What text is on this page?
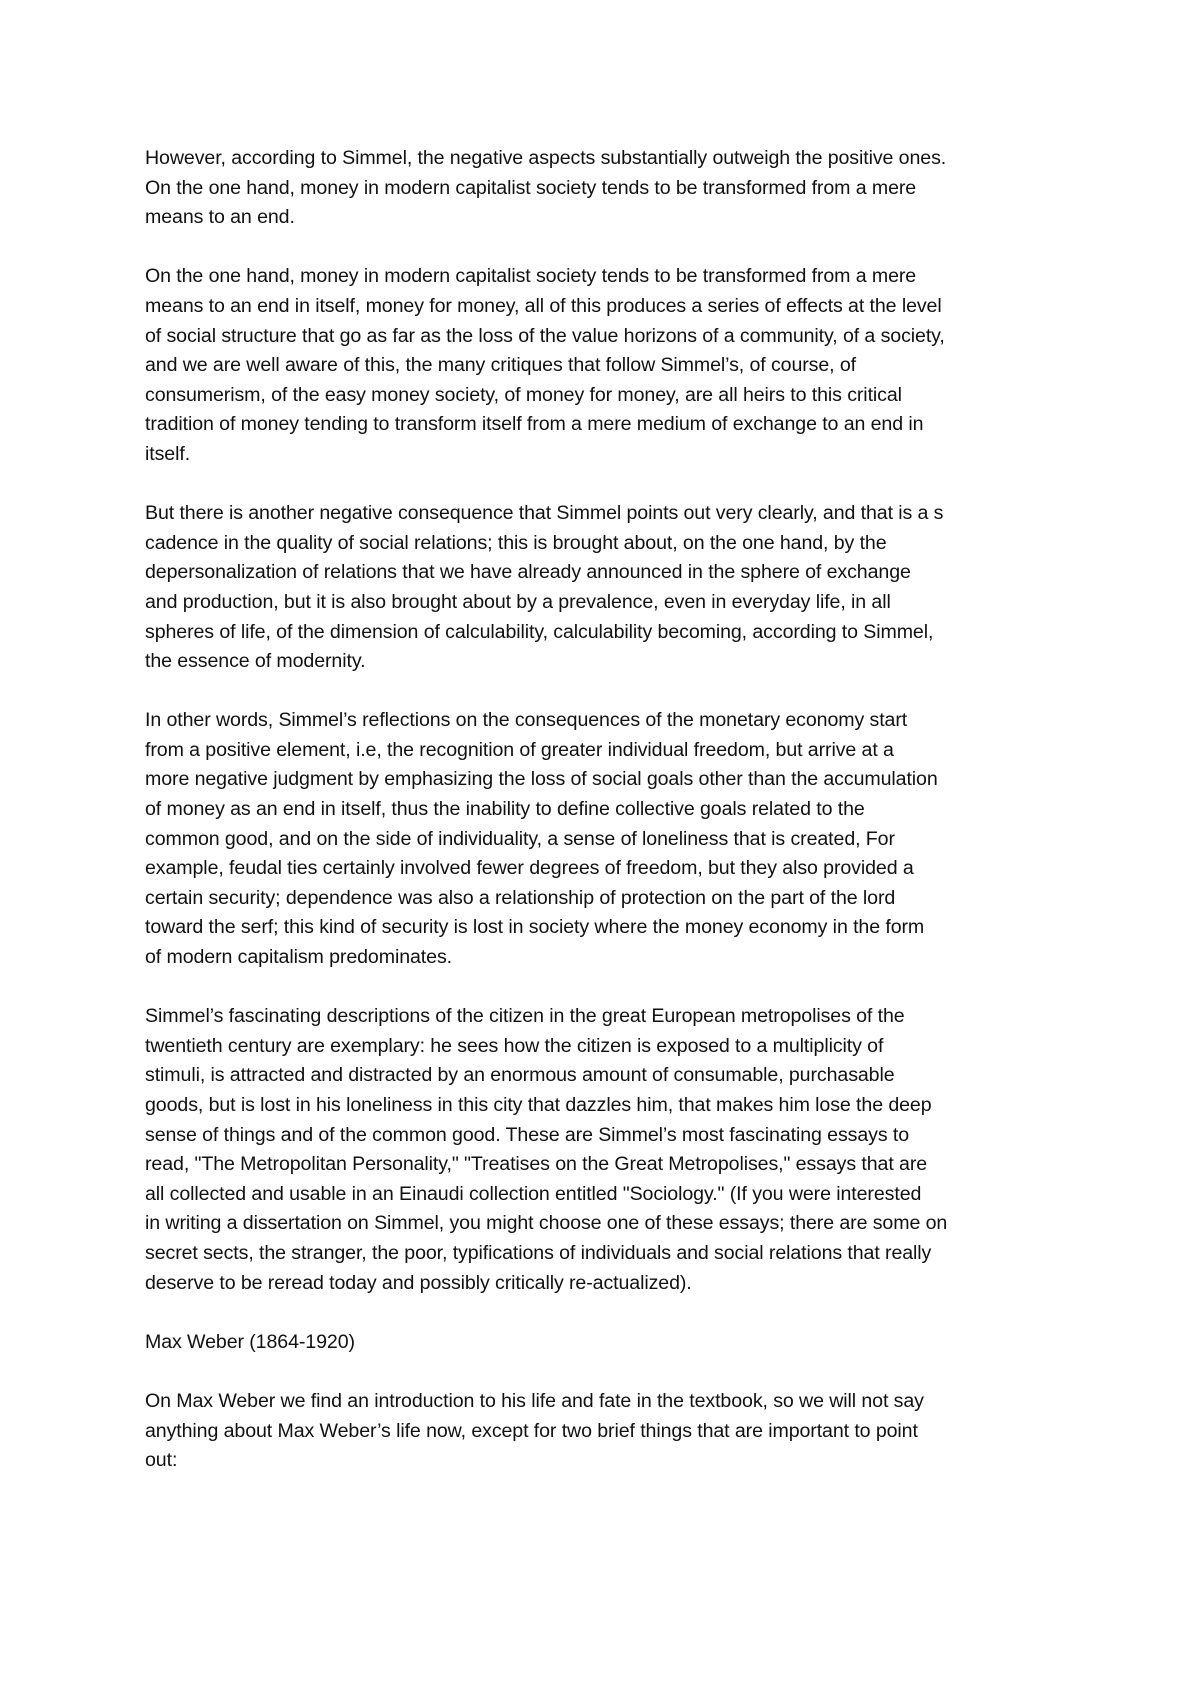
However, according to Simmel, the negative aspects substantially outweigh the positive ones.
On the one hand, money in modern capitalist society tends to be transformed from a mere
means to an end.

On the one hand, money in modern capitalist society tends to be transformed from a mere
means to an end in itself, money for money, all of this produces a series of effects at the level
of social structure that go as far as the loss of the value horizons of a community, of a society,
and we are well aware of this, the many critiques that follow Simmel’s, of course, of
consumerism, of the easy money society, of money for money, are all heirs to this critical
tradition of money tending to transform itself from a mere medium of exchange to an end in
itself.

But there is another negative consequence that Simmel points out very clearly, and that is a s
cadence in the quality of social relations; this is brought about, on the one hand, by the
depersonalization of relations that we have already announced in the sphere of exchange
and production, but it is also brought about by a prevalence, even in everyday life, in all
spheres of life, of the dimension of calculability, calculability becoming, according to Simmel,
the essence of modernity.

In other words, Simmel’s reflections on the consequences of the monetary economy start
from a positive element, i.e, the recognition of greater individual freedom, but arrive at a
more negative judgment by emphasizing the loss of social goals other than the accumulation
of money as an end in itself, thus the inability to define collective goals related to the
common good, and on the side of individuality, a sense of loneliness that is created, For
example, feudal ties certainly involved fewer degrees of freedom, but they also provided a
certain security; dependence was also a relationship of protection on the part of the lord
toward the serf; this kind of security is lost in society where the money economy in the form
of modern capitalism predominates.

Simmel’s fascinating descriptions of the citizen in the great European metropolises of the
twentieth century are exemplary: he sees how the citizen is exposed to a multiplicity of
stimuli, is attracted and distracted by an enormous amount of consumable, purchasable
goods, but is lost in his loneliness in this city that dazzles him, that makes him lose the deep
sense of things and of the common good. These are Simmel’s most fascinating essays to
read, "The Metropolitan Personality," "Treatises on the Great Metropolises," essays that are
all collected and usable in an Einaudi collection entitled "Sociology." (If you were interested
in writing a dissertation on Simmel, you might choose one of these essays; there are some on
secret sects, the stranger, the poor, typifications of individuals and social relations that really
deserve to be reread today and possibly critically re-actualized).

Max Weber (1864-1920)

On Max Weber we find an introduction to his life and fate in the textbook, so we will not say
anything about Max Weber’s life now, except for two brief things that are important to point
out:
